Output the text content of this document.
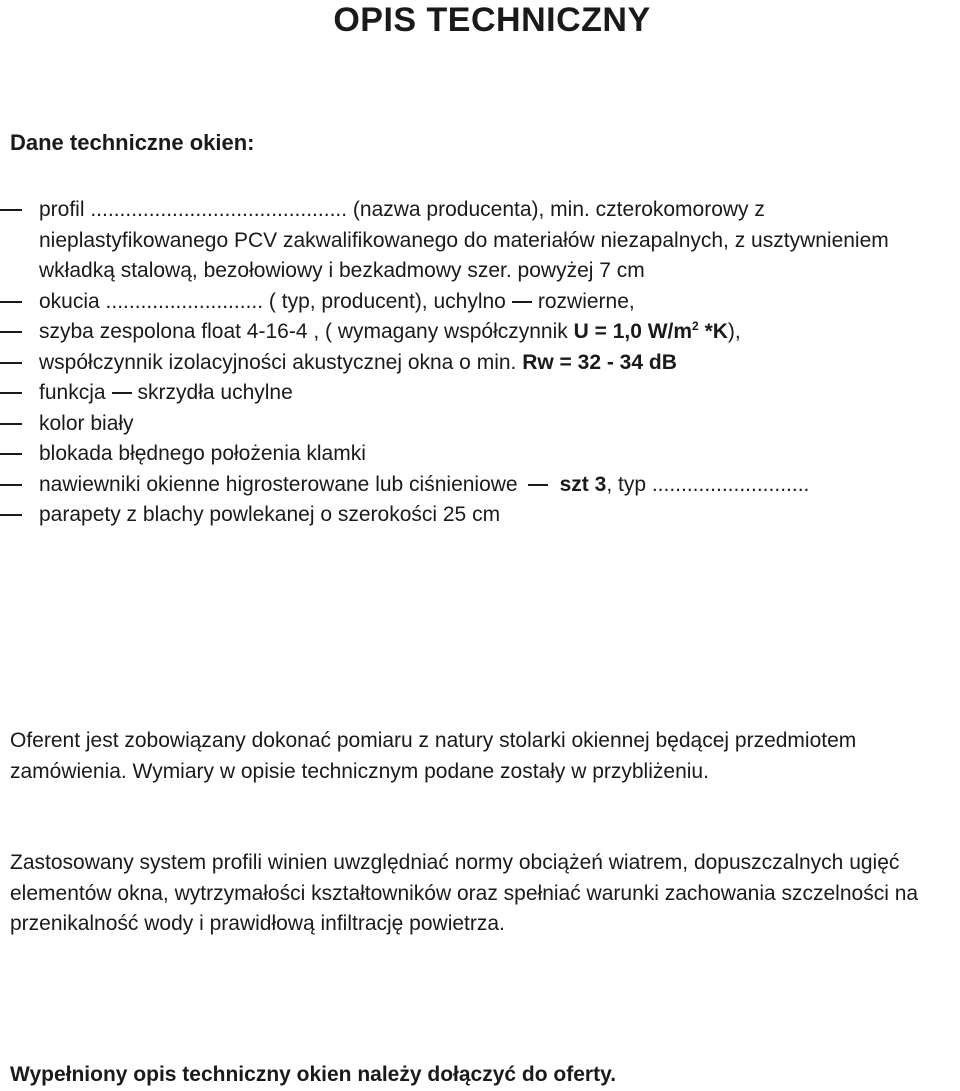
OPIS TECHNICZNY
Dane techniczne okien:
profil ............................................ (nazwa producenta), min. czterokomorowy z nieplastyfikowanego PCV zakwalifikowanego do materiałów niezapalnych, z usztywnieniem wkładką stalową, bezołowiowy i bezkadmowy szer. powyżej 7 cm
okucia ........................... ( typ, producent), uchylno rozwierne,
szyba zespolona float 4-16-4 , ( wymagany współczynnik U = 1,0 $W/m^2$ *K),
współczynnik izolacyjności akustycznej okna o min. Rw = 32 - 34 dB
funkcja skrzydła uchylne
kolor biały
blokada błędnego położenia klamki
nawiewniki okienne higrosterowane lub ciśnieniowe szt 3, typ ...........................
parapety z blachy powlekanej o szerokości 25 cm
Oferent jest zobowiązany dokonać pomiaru z natury stolarki okiennej będącej przedmiotem zamówienia. Wymiary w opisie technicznym podane zostały w przybliżeniu.
Zastosowany system profili winien uwzględniać normy obciążeń wiatrem, dopuszczalnych ugięć elementów okna, wytrzymałości kształtowników oraz spełniać warunki zachowania szczelności na przenikalność wody i prawidłową infiltrację powietrza.
Wypełniony opis techniczny okien należy dołączyć do oferty.
